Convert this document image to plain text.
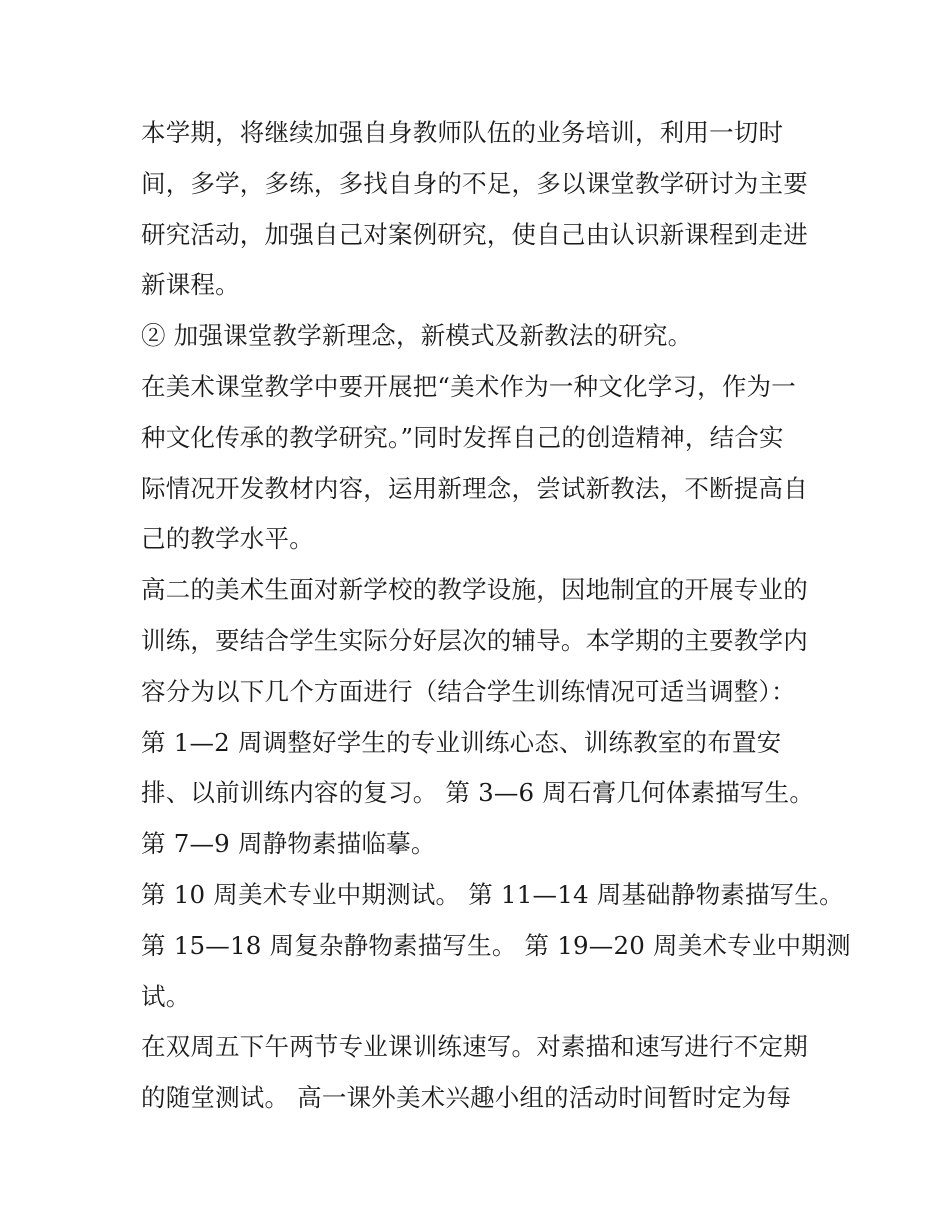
本学期，将继续加强自身教师队伍的业务培训，利用一切时
间，多学，多练，多找自身的不足，多以课堂教学研讨为主要
研究活动，加强自己对案例研究，使自己由认识新课程到走进
新课程。
② 加强课堂教学新理念，新模式及新教法的研究。
在美术课堂教学中要开展把“美术作为一种文化学习，作为一
种文化传承的教学研究。”同时发挥自己的创造精神，结合实
际情况开发教材内容，运用新理念，尝试新教法，不断提高自
己的教学水平。
高二的美术生面对新学校的教学设施，因地制宜的开展专业的
训练，要结合学生实际分好层次的辅导。本学期的主要教学内
容分为以下几个方面进行（结合学生训练情况可适当调整）：
第 1—2 周调整好学生的专业训练心态、训练教室的布置安
排、以前训练内容的复习。 第 3—6 周石膏几何体素描写生。
第 7—9 周静物素描临摹。
第 10 周美术专业中期测试。 第 11—14 周基础静物素描写生。
第 15—18 周复杂静物素描写生。 第 19—20 周美术专业中期测
试。
在双周五下午两节专业课训练速写。对素描和速写进行不定期
的随堂测试。 高一课外美术兴趣小组的活动时间暂时定为每
